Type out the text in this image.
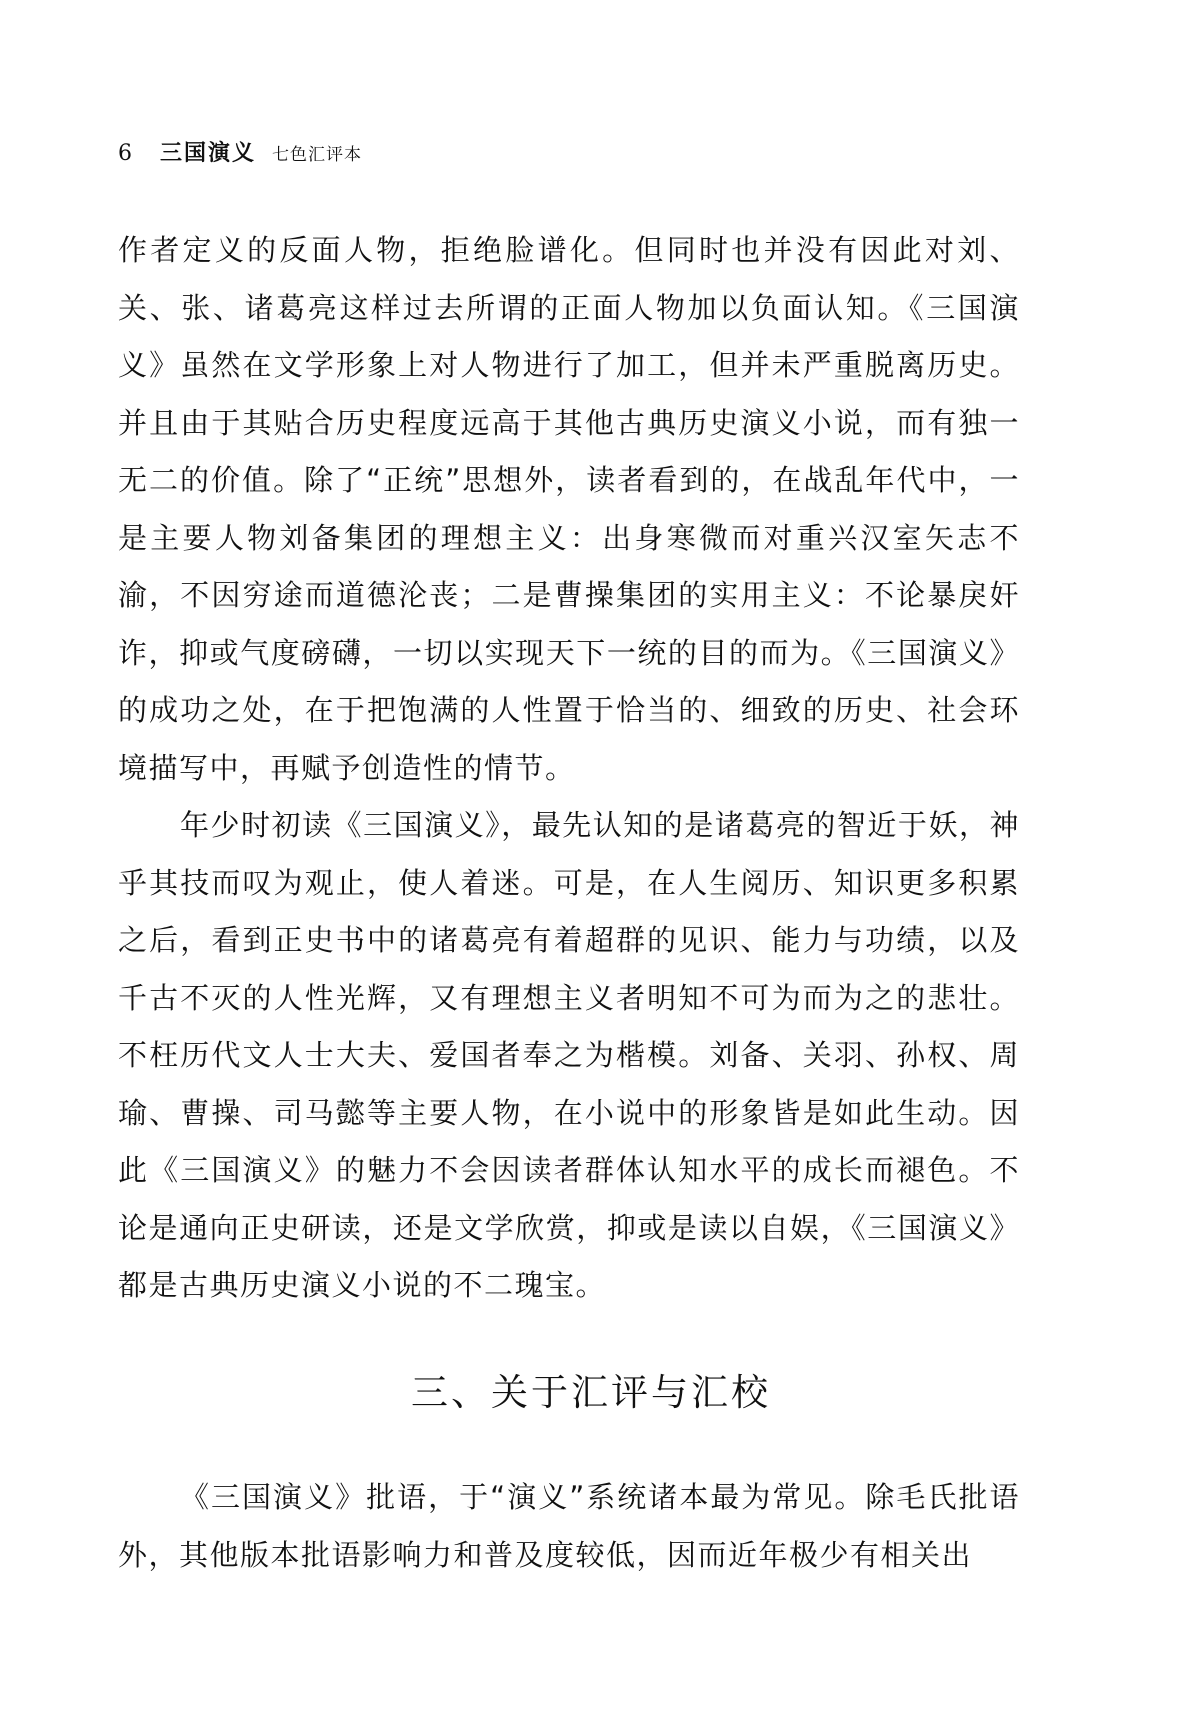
6 三国演义 七色汇评本

作者定义的反面人物，拒绝脸谱化。但同时也并没有因此对刘、关、张、诸葛亮这样过去所谓的正面人物加以负面认知。《三国演义》虽然在文学形象上对人物进行了加工，但并未严重脱离历史。并且由于其贴合历史程度远高于其他古典历史演义小说，而有独一无二的价值。除了“正统”思想外，读者看到的，在战乱年代中，一是主要人物刘备集团的理想主义：出身寒微而对重兴汉室矢志不渝，不因穷途而道德沦丧；二是曹操集团的实用主义：不论暴戾奸诈，抑或气度磅礴，一切以实现天下一统的目的而为。《三国演义》的成功之处，在于把饱满的人性置于恰当的、细致的历史、社会环境描写中，再赋予创造性的情节。

年少时初读《三国演义》，最先认知的是诸葛亮的智近于妖，神乎其技而叹为观止，使人着迷。可是，在人生阅历、知识更多积累之后，看到正史书中的诸葛亮有着超群的见识、能力与功绩，以及千古不灭的人性光辉，又有理想主义者明知不可为而为之的悲壮。不枉历代文人士大夫、爱国者奉之为楷模。刘备、关羽、孙权、周瑜、曹操、司马懿等主要人物，在小说中的形象皆是如此生动。因此《三国演义》的魅力不会因读者群体认知水平的成长而褪色。不论是通向正史研读，还是文学欣赏，抑或是读以自娱，《三国演义》都是古典历史演义小说的不二瑰宝。

三、关于汇评与汇校

《三国演义》批语，于“演义”系统诸本最为常见。除毛氏批语外，其他版本批语影响力和普及度较低，因而近年极少有相关出
